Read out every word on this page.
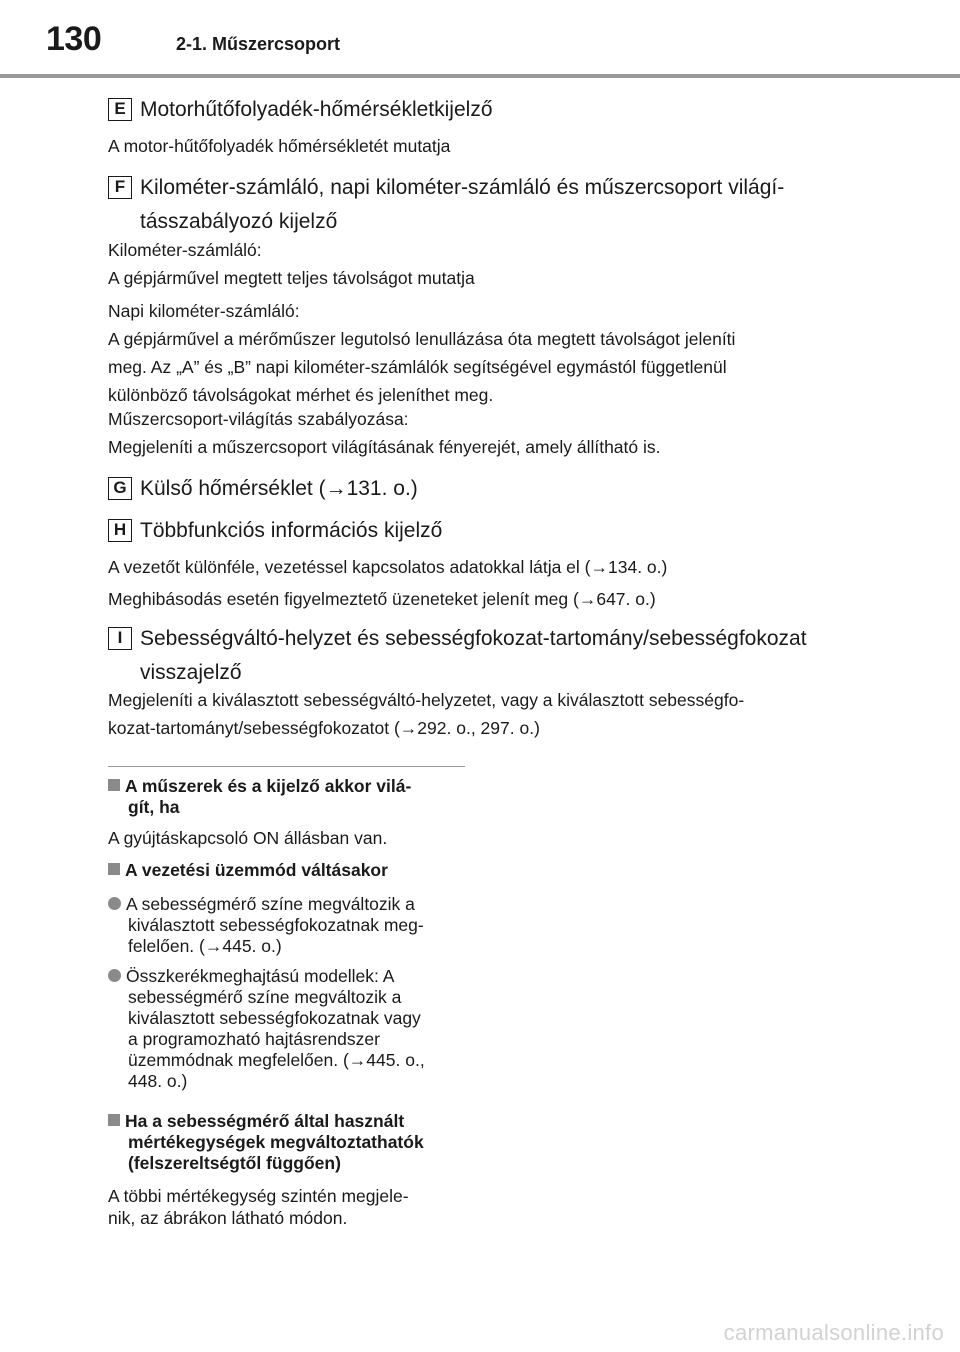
130	2-1. Műszercsoport
E Motorhűtőfolyadék-hőmérsékletkijelző
A motor-hűtőfolyadék hőmérsékletét mutatja
F Kilométer-számláló, napi kilométer-számláló és műszercsoport világí-
tásszabályozó kijelző
Kilométer-számláló:
A gépjárművel megtett teljes távolságot mutatja
Napi kilométer-számláló:
A gépjárművel a mérőműszer legutolsó lenullázása óta megtett távolságot jeleníti
meg. Az „A” és „B” napi kilométer-számlálók segítségével egymástól függetlenül
különböző távolságokat mérhet és jeleníthet meg.
Műszercsoport-világítás szabályozása:
Megjeleníti a műszercsoport világításának fényerejét, amely állítható is.
G Külső hőmérséklet (→131. o.)
H Többfunkciós információs kijelző
A vezetőt különféle, vezetéssel kapcsolatos adatokkal látja el (→134. o.)
Meghibásodás esetén figyelmeztető üzeneteket jelenít meg (→647. o.)
I Sebességváltó-helyzet és sebességfokozat-tartomány/sebességfokozat
visszajelző
Megjeleníti a kiválasztott sebességváltó-helyzetet, vagy a kiválasztott sebességfo-
kozat-tartományt/sebességfokozatot (→292. o., 297. o.)
A műszerek és a kijelző akkor vilá-
gít, ha
A gyújtáskapcsoló ON állásban van.
A vezetési üzemmód váltásakor
A sebességmérő színe megváltozik a
kiválasztott sebességfokozatnak meg-
felelően. (→445. o.)
Összkerékmeghajtású modellek: A
sebességmérő színe megváltozik a
kiválasztott sebességfokozatnak vagy
a programozható hajtásrendszer
üzemmódnak megfelelően. (→445. o.,
448. o.)
Ha a sebességmérő által használt
mértékegységek megváltoztathatók
(felszereltségtől függően)
A többi mértékegység szintén megjele-
nik, az ábrákon látható módon.
carmanualsonline.info
